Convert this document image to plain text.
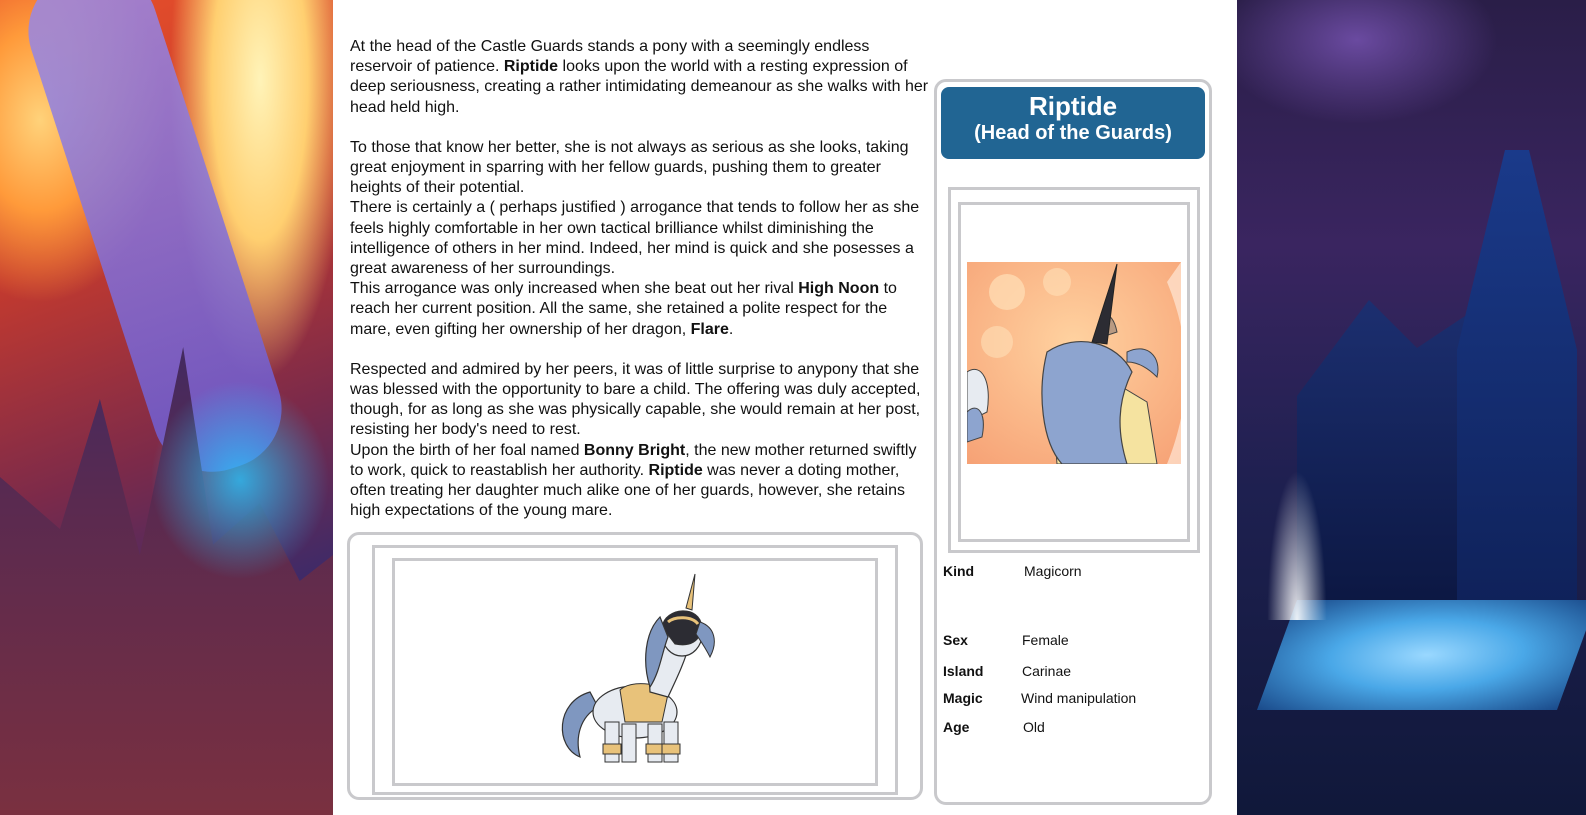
At the head of the Castle Guards stands a pony with a seemingly endless reservoir of patience. Riptide looks upon the world with a resting expression of deep seriousness, creating a rather intimidating demeanour as she walks with her head held high.

To those that know her better, she is not always as serious as she looks, taking great enjoyment in sparring with her fellow guards, pushing them to greater heights of their potential.

There is certainly a ( perhaps justified ) arrogance that tends to follow her as she feels highly comfortable in her own tactical brilliance whilst diminishing the intelligence of others in her mind. Indeed, her mind is quick and she posesses a great awareness of her surroundings.

This arrogance was only increased when she beat out her rival High Noon to reach her current position. All the same, she retained a polite respect for the mare, even gifting her ownership of her dragon, Flare.

Respected and admired by her peers, it was of little surprise to anypony that she was blessed with the opportunity to bare a child. The offering was duly accepted, though, for as long as she was physically capable, she would remain at her post, resisting her body's need to rest.

Upon the birth of her foal named Bonny Bright, the new mother returned swiftly to work, quick to reastablish her authority. Riptide was never a doting mother, often treating her daughter much alike one of her guards, however, she retains high expectations of the young mare.

Riptide
(Head of the Guards)
Kind	Magicorn
Sex	Female
Island	Carinae
Magic	Wind manipulation
Age	Old
